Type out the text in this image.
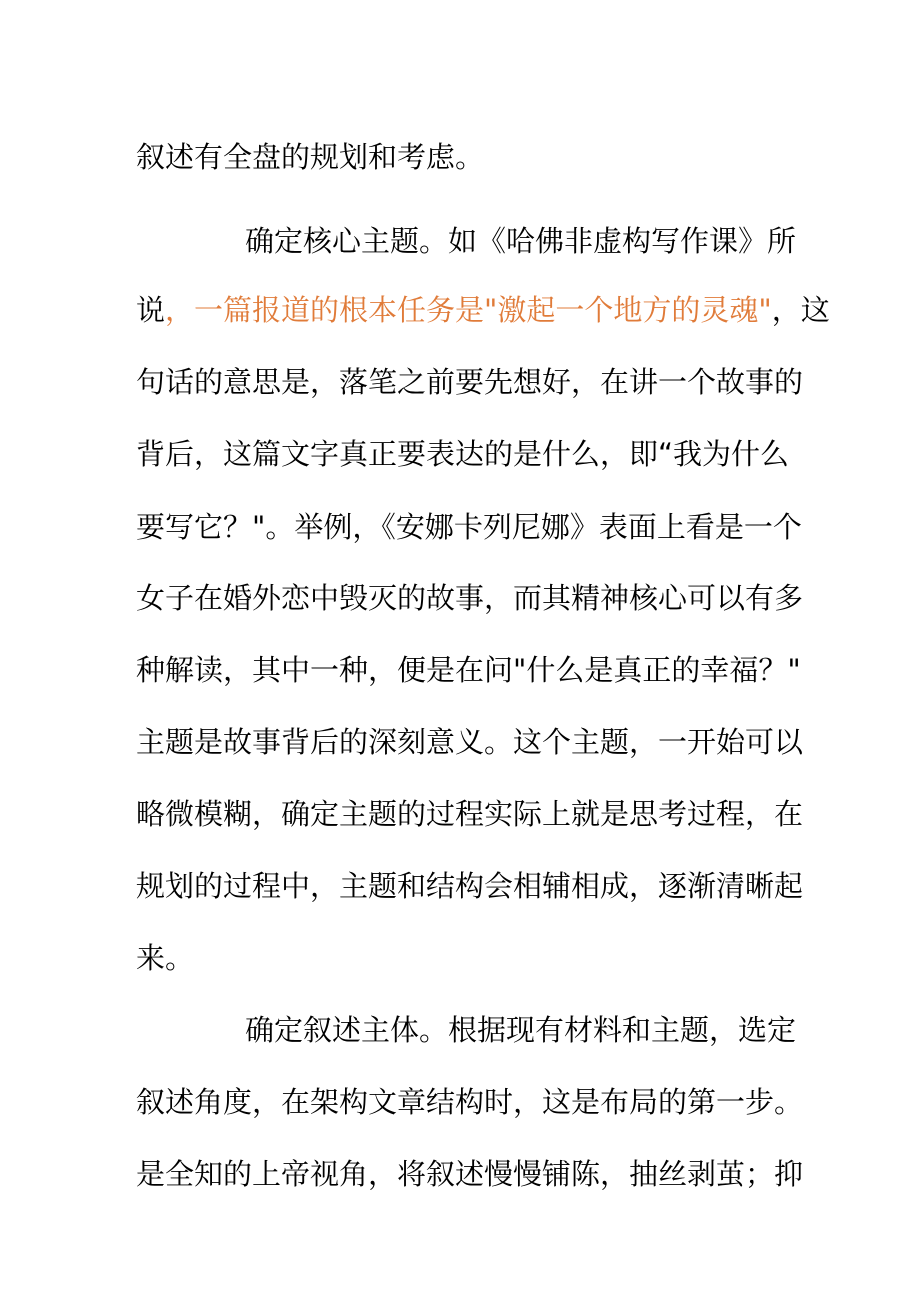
叙述有全盘的规划和考虑。
确定核心主题。如《哈佛非虚构写作课》所
说，一篇报道的根本任务是"激起一个地方的灵魂"，这
句话的意思是，落笔之前要先想好，在讲一个故事的
背后，这篇文字真正要表达的是什么，即“我为什么
要写它？"。举例，《安娜卡列尼娜》表面上看是一个
女子在婚外恋中毁灭的故事，而其精神核心可以有多
种解读，其中一种，便是在问"什么是真正的幸福？"
主题是故事背后的深刻意义。这个主题，一开始可以
略微模糊，确定主题的过程实际上就是思考过程，在
规划的过程中，主题和结构会相辅相成，逐渐清晰起
来。
确定叙述主体。根据现有材料和主题，选定
叙述角度，在架构文章结构时，这是布局的第一步。
是全知的上帝视角，将叙述慢慢铺陈，抽丝剥茧；抑
